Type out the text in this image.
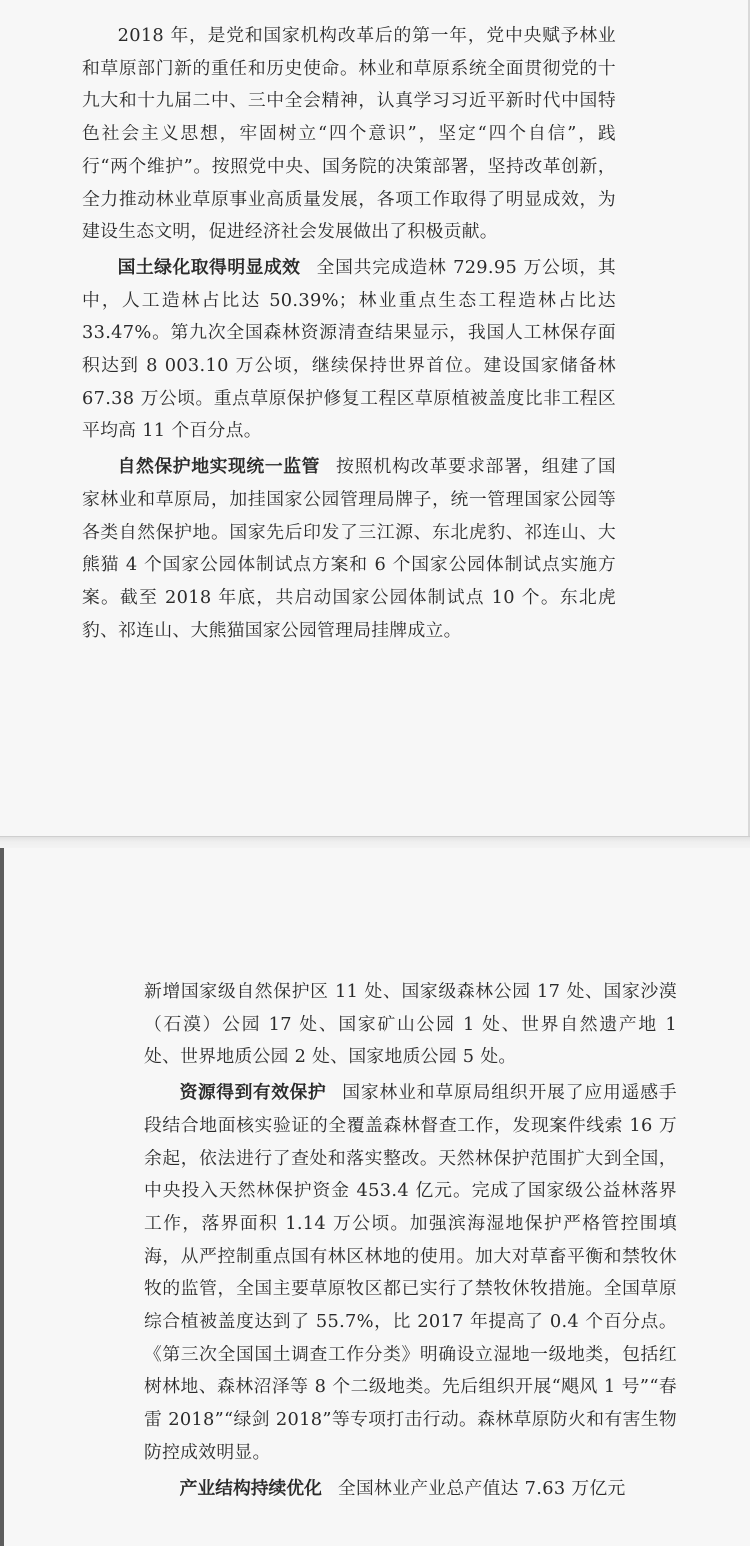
2018 年，是党和国家机构改革后的第一年，党中央赋予林业和草原部门新的重任和历史使命。林业和草原系统全面贯彻党的十九大和十九届二中、三中全会精神，认真学习习近平新时代中国特色社会主义思想，牢固树立“四个意识”，坚定“四个自信”，践行“两个维护”。按照党中央、国务院的决策部署，坚持改革创新，全力推动林业草原事业高质量发展，各项工作取得了明显成效，为建设生态文明，促进经济社会发展做出了积极贡献。

国土绿化取得明显成效 全国共完成造林 729.95 万公顷，其中，人工造林占比达 50.39%；林业重点生态工程造林占比达 33.47%。第九次全国森林资源清查结果显示，我国人工林保存面积达到 8 003.10 万公顷，继续保持世界首位。建设国家储备林 67.38 万公顷。重点草原保护修复工程区草原植被盖度比非工程区平均高 11 个百分点。

自然保护地实现统一监管 按照机构改革要求部署，组建了国家林业和草原局，加挂国家公园管理局牌子，统一管理国家公园等各类自然保护地。国家先后印发了三江源、东北虎豹、祁连山、大熊猫 4 个国家公园体制试点方案和 6 个国家公园体制试点实施方案。截至 2018 年底，共启动国家公园体制试点 10 个。东北虎豹、祁连山、大熊猫国家公园管理局挂牌成立。

新增国家级自然保护区 11 处、国家级森林公园 17 处、国家沙漠（石漠）公园 17 处、国家矿山公园 1 处、世界自然遗产地 1 处、世界地质公园 2 处、国家地质公园 5 处。

资源得到有效保护 国家林业和草原局组织开展了应用遥感手段结合地面核实验证的全覆盖森林督查工作，发现案件线索 16 万余起，依法进行了查处和落实整改。天然林保护范围扩大到全国，中央投入天然林保护资金 453.4 亿元。完成了国家级公益林落界工作，落界面积 1.14 万公顷。加强滨海湿地保护严格管控围填海，从严控制重点国有林区林地的使用。加大对草畜平衡和禁牧休牧的监管，全国主要草原牧区都已实行了禁牧休牧措施。全国草原综合植被盖度达到了 55.7%，比 2017 年提高了 0.4 个百分点。《第三次全国国土调查工作分类》明确设立湿地一级地类，包括红树林地、森林沼泽等 8 个二级地类。先后组织开展“飓风 1 号”“春雷 2018”“绿剑 2018”等专项打击行动。森林草原防火和有害生物防控成效明显。

产业结构持续优化 全国林业产业总产值达 7.63 万亿元
